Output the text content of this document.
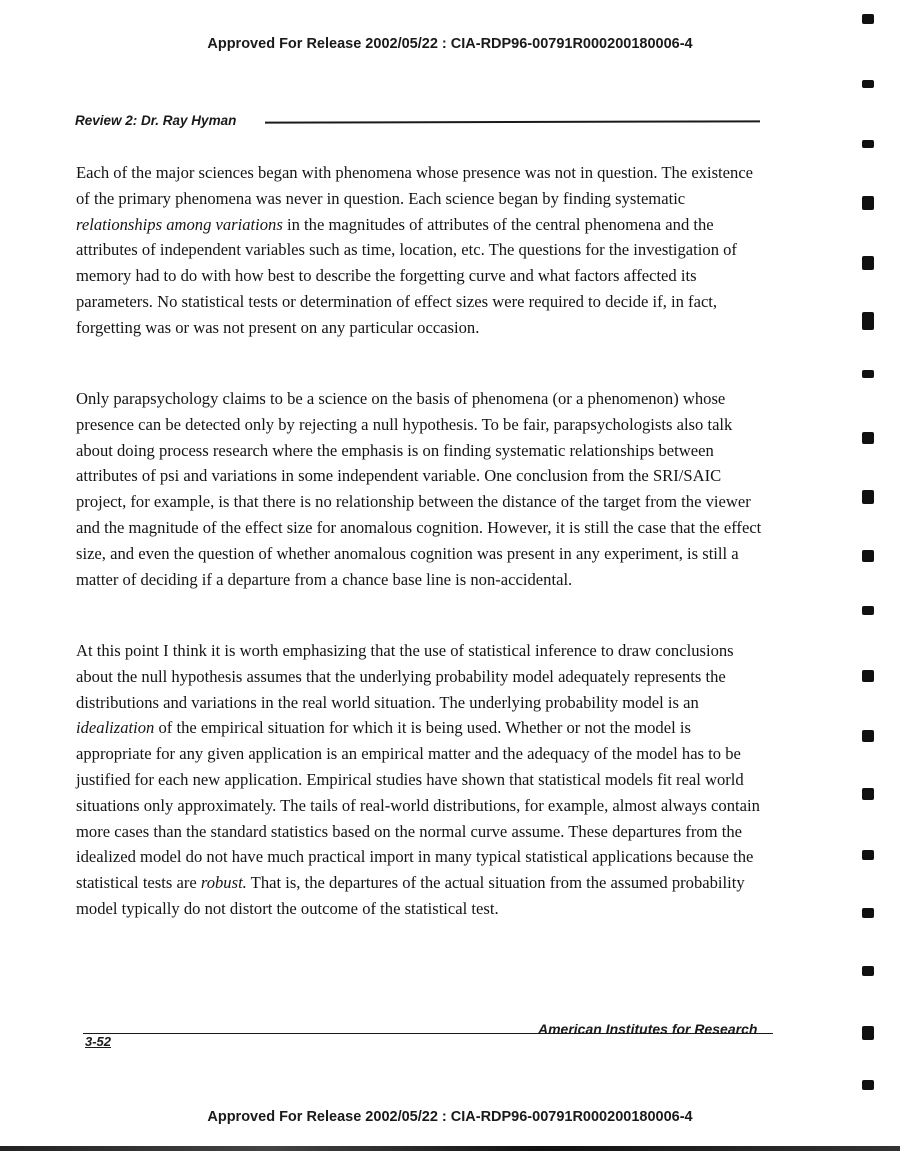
Approved For Release 2002/05/22 : CIA-RDP96-00791R000200180006-4
Review 2: Dr. Ray Hyman

Each of the major sciences began with phenomena whose presence was not in question. The existence of the primary phenomena was never in question. Each science began by finding systematic relationships among variations in the magnitudes of attributes of the central phenomena and the attributes of independent variables such as time, location, etc. The questions for the investigation of memory had to do with how best to describe the forgetting curve and what factors affected its parameters. No statistical tests or determination of effect sizes were required to decide if, in fact, forgetting was or was not present on any particular occasion.

Only parapsychology claims to be a science on the basis of phenomena (or a phenomenon) whose presence can be detected only by rejecting a null hypothesis. To be fair, parapsychologists also talk about doing process research where the emphasis is on finding systematic relationships between attributes of psi and variations in some independent variable. One conclusion from the SRI/SAIC project, for example, is that there is no relationship between the distance of the target from the viewer and the magnitude of the effect size for anomalous cognition. However, it is still the case that the effect size, and even the question of whether anomalous cognition was present in any experiment, is still a matter of deciding if a departure from a chance base line is non-accidental.

At this point I think it is worth emphasizing that the use of statistical inference to draw conclusions about the null hypothesis assumes that the underlying probability model adequately represents the distributions and variations in the real world situation. The underlying probability model is an idealization of the empirical situation for which it is being used. Whether or not the model is appropriate for any given application is an empirical matter and the adequacy of the model has to be justified for each new application. Empirical studies have shown that statistical models fit real world situations only approximately. The tails of real-world distributions, for example, almost always contain more cases than the standard statistics based on the normal curve assume. These departures from the idealized model do not have much practical import in many typical statistical applications because the statistical tests are robust. That is, the departures of the actual situation from the assumed probability model typically do not distort the outcome of the statistical test.

3-52
American Institutes for Research
Approved For Release 2002/05/22 : CIA-RDP96-00791R000200180006-4
